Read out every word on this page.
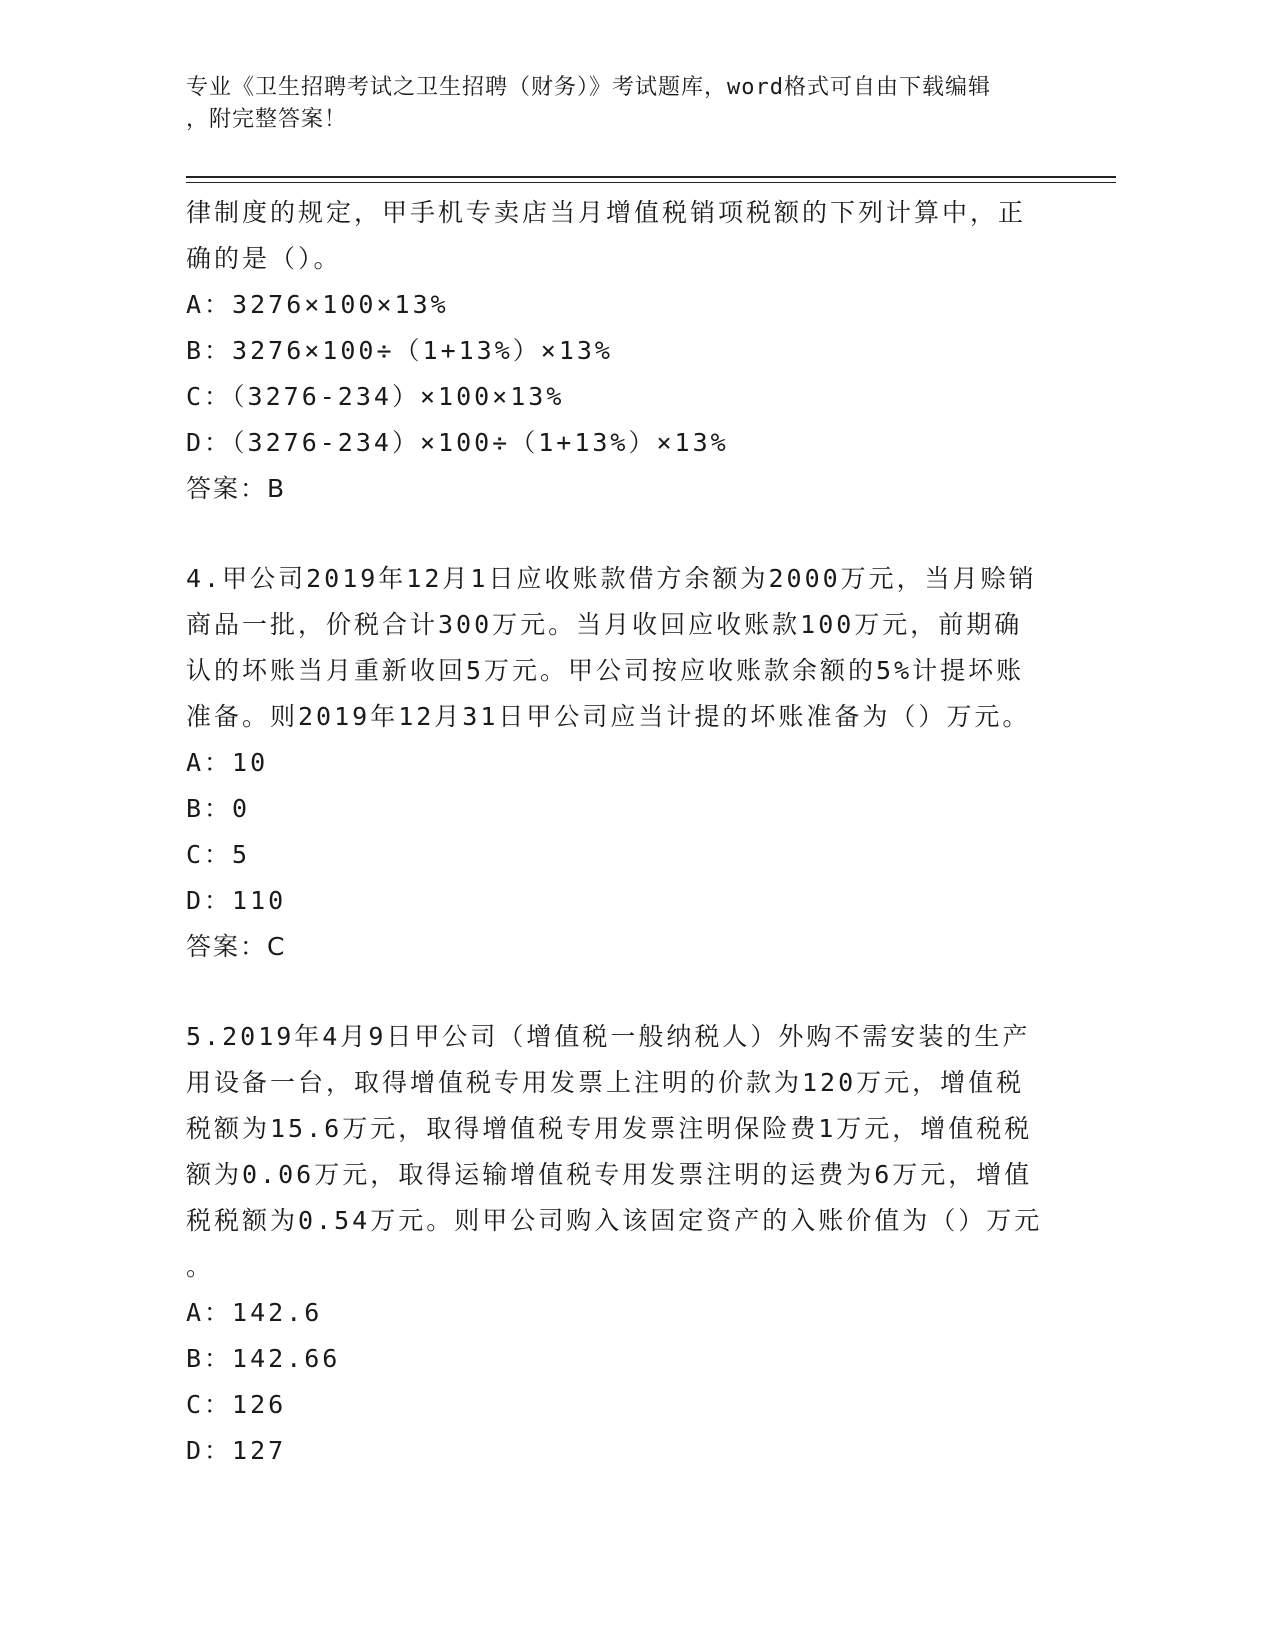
专业《卫生招聘考试之卫生招聘（财务）》考试题库，word格式可自由下载编辑
，附完整答案！

律制度的规定，甲手机专卖店当月增值税销项税额的下列计算中，正

确的是（）。

A：3276×100×13%

B：3276×100÷（1+13%）×13%

C：（3276-234）×100×13%

D：（3276-234）×100÷（1+13%）×13%

答案：B

4.甲公司2019年12月1日应收账款借方余额为2000万元，当月赊销

商品一批，价税合计300万元。当月收回应收账款100万元，前期确

认的坏账当月重新收回5万元。甲公司按应收账款余额的5%计提坏账

准备。则2019年12月31日甲公司应当计提的坏账准备为（）万元。

A：10

B：0

C：5

D：110

答案：C

5.2019年4月9日甲公司（增值税一般纳税人）外购不需安装的生产

用设备一台，取得增值税专用发票上注明的价款为120万元，增值税

税额为15.6万元，取得增值税专用发票注明保险费1万元，增值税税

额为0.06万元，取得运输增值税专用发票注明的运费为6万元，增值

税税额为0.54万元。则甲公司购入该固定资产的入账价值为（）万元

。

A：142.6

B：142.66

C：126

D：127
